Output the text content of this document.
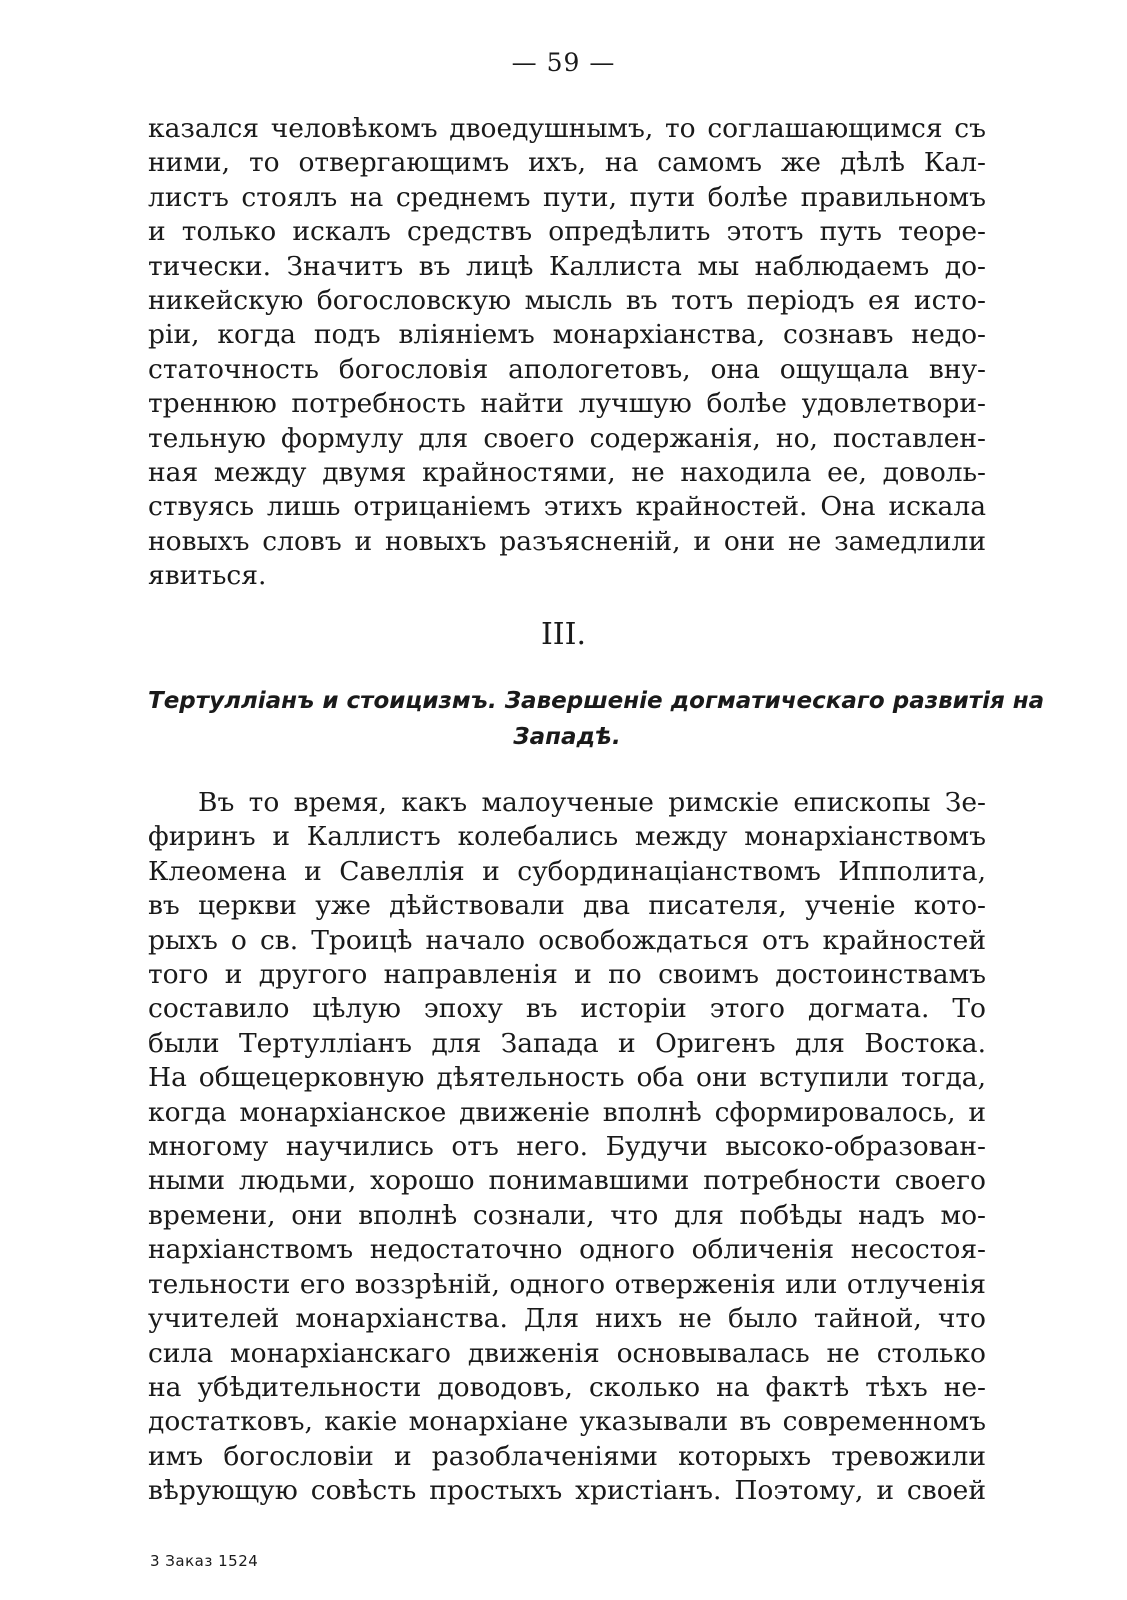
— 59 —
казался человѣкомъ двоедушнымъ, то соглашающимся съ
ними, то отвергающимъ ихъ, на самомъ же дѣлѣ Кал-
листъ стоялъ на среднемъ пути, пути болѣе правильномъ
и только искалъ средствъ опредѣлить этотъ путь теоре-
тически. Значитъ въ лицѣ Каллиста мы наблюдаемъ до-
никейскую богословскую мысль въ тотъ періодъ ея исто-
ріи, когда подъ вліяніемъ монархіанства, сознавъ недо-
статочность богословія апологетовъ, она ощущала вну-
треннюю потребность найти лучшую болѣе удовлетвори-
тельную формулу для своего содержанія, но, поставлен-
ная между двумя крайностями, не находила ее, доволь-
ствуясь лишь отрицаніемъ этихъ крайностей. Она искала
новыхъ словъ и новыхъ разъясненій, и они не замедлили
явиться.
III.
Тертулліанъ и стоицизмъ. Завершеніе догматическаго развитія на
Западѣ.
Въ то время, какъ малоученые римскіе епископы Зе-
фиринъ и Каллистъ колебались между монархіанствомъ
Клеомена и Савеллія и субординаціанствомъ Ипполита,
въ церкви уже дѣйствовали два писателя, ученіе кото-
рыхъ о св. Троицѣ начало освобождаться отъ крайностей
того и другого направленія и по своимъ достоинствамъ
составило цѣлую эпоху въ исторіи этого догмата. То
были Тертулліанъ для Запада и Оригенъ для Востока.
На общецерковную дѣятельность оба они вступили тогда,
когда монархіанское движеніе вполнѣ сформировалось, и
многому научились отъ него. Будучи высоко-образован-
ными людьми, хорошо понимавшими потребности своего
времени, они вполнѣ сознали, что для побѣды надъ мо-
нархіанствомъ недостаточно одного обличенія несостоя-
тельности его воззрѣній, одного отверженія или отлученія
учителей монархіанства. Для нихъ не было тайной, что
сила монархіанскаго движенія основывалась не столько
на убѣдительности доводовъ, сколько на фактѣ тѣхъ не-
достатковъ, какіе монархіане указывали въ современномъ
имъ богословіи и разоблаченіями которыхъ тревожили
вѣрующую совѣсть простыхъ христіанъ. Поэтому, и своей
3 Заказ 1524
